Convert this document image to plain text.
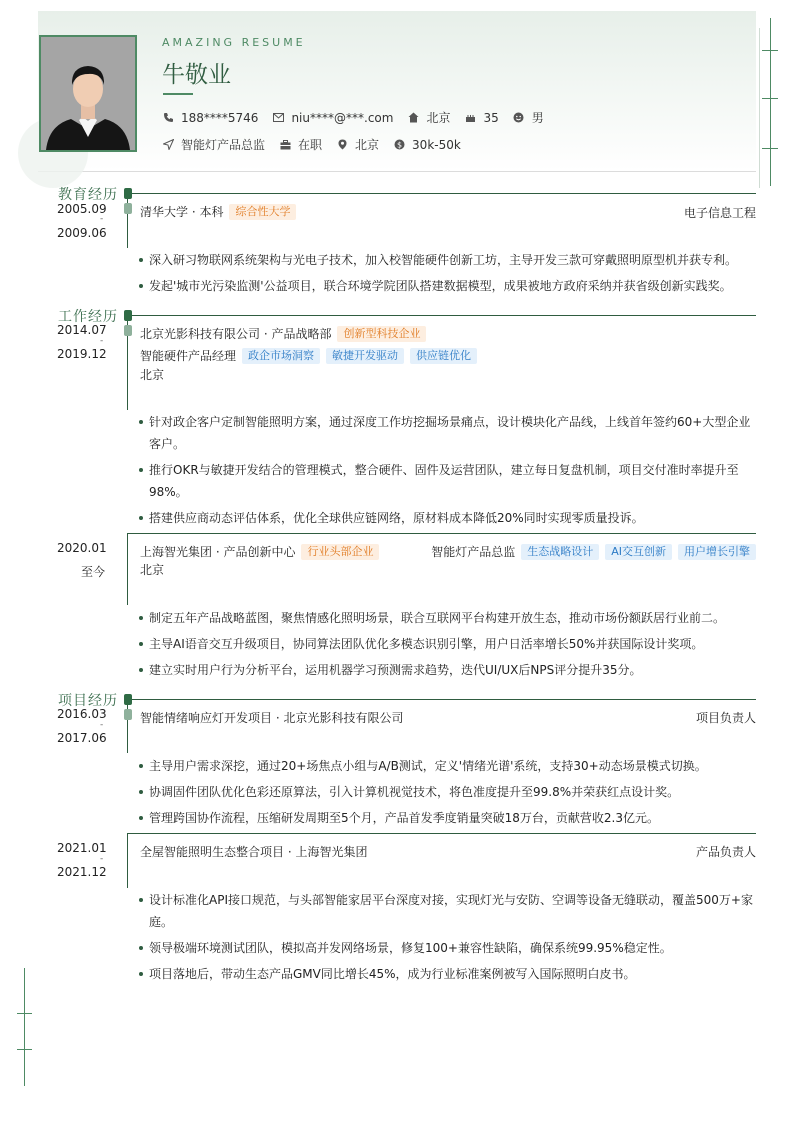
AMAZING RESUME
牛敬业
188****5746	niu****@***.com	北京	35	男
智能灯产品总监	在职	北京 $ 30k-50k
教育经历
2005.09
-
2009.06
清华大学 · 本科	综合性大学	电子信息工程
深入研习物联网系统架构与光电子技术，加入校智能硬件创新工坊，主导开发三款可穿戴照明原型机并获专利。
发起'城市光污染监测'公益项目，联合环境学院团队搭建数据模型，成果被地方政府采纳并获省级创新实践奖。
工作经历
2014.07
-
2019.12
北京光影科技有限公司 · 产品战略部	创新型科技企业
智能硬件产品经理	政企市场洞察	敏捷开发驱动	供应链优化
北京
针对政企客户定制智能照明方案，通过深度工作坊挖掘场景痛点，设计模块化产品线，上线首年签约60+大型企业客户。
推行OKR与敏捷开发结合的管理模式，整合硬件、固件及运营团队，建立每日复盘机制，项目交付准时率提升至98%。
搭建供应商动态评估体系，优化全球供应链网络，原材料成本降低20%同时实现零质量投诉。
2020.01
至今
上海智光集团 · 产品创新中心	行业头部企业	智能灯产品总监	生态战略设计	AI交互创新	用户增长引擎
北京
制定五年产品战略蓝图，聚焦情感化照明场景，联合互联网平台构建开放生态，推动市场份额跃居行业前二。
主导AI语音交互升级项目，协同算法团队优化多模态识别引擎，用户日活率增长50%并获国际设计奖项。
建立实时用户行为分析平台，运用机器学习预测需求趋势，迭代UI/UX后NPS评分提升35分。
项目经历
2016.03
-
2017.06
智能情绪响应灯开发项目 · 北京光影科技有限公司	项目负责人
主导用户需求深挖，通过20+场焦点小组与A/B测试，定义'情绪光谱'系统，支持30+动态场景模式切换。
协调固件团队优化色彩还原算法，引入计算机视觉技术，将色准度提升至99.8%并荣获红点设计奖。
管理跨国协作流程，压缩研发周期至5个月，产品首发季度销量突破18万台，贡献营收2.3亿元。
2021.01
-
2021.12
全屋智能照明生态整合项目 · 上海智光集团	产品负责人
设计标准化API接口规范，与头部智能家居平台深度对接，实现灯光与安防、空调等设备无缝联动，覆盖500万+家庭。
领导极端环境测试团队，模拟高并发网络场景，修复100+兼容性缺陷，确保系统99.95%稳定性。
项目落地后，带动生态产品GMV同比增长45%，成为行业标准案例被写入国际照明白皮书。
